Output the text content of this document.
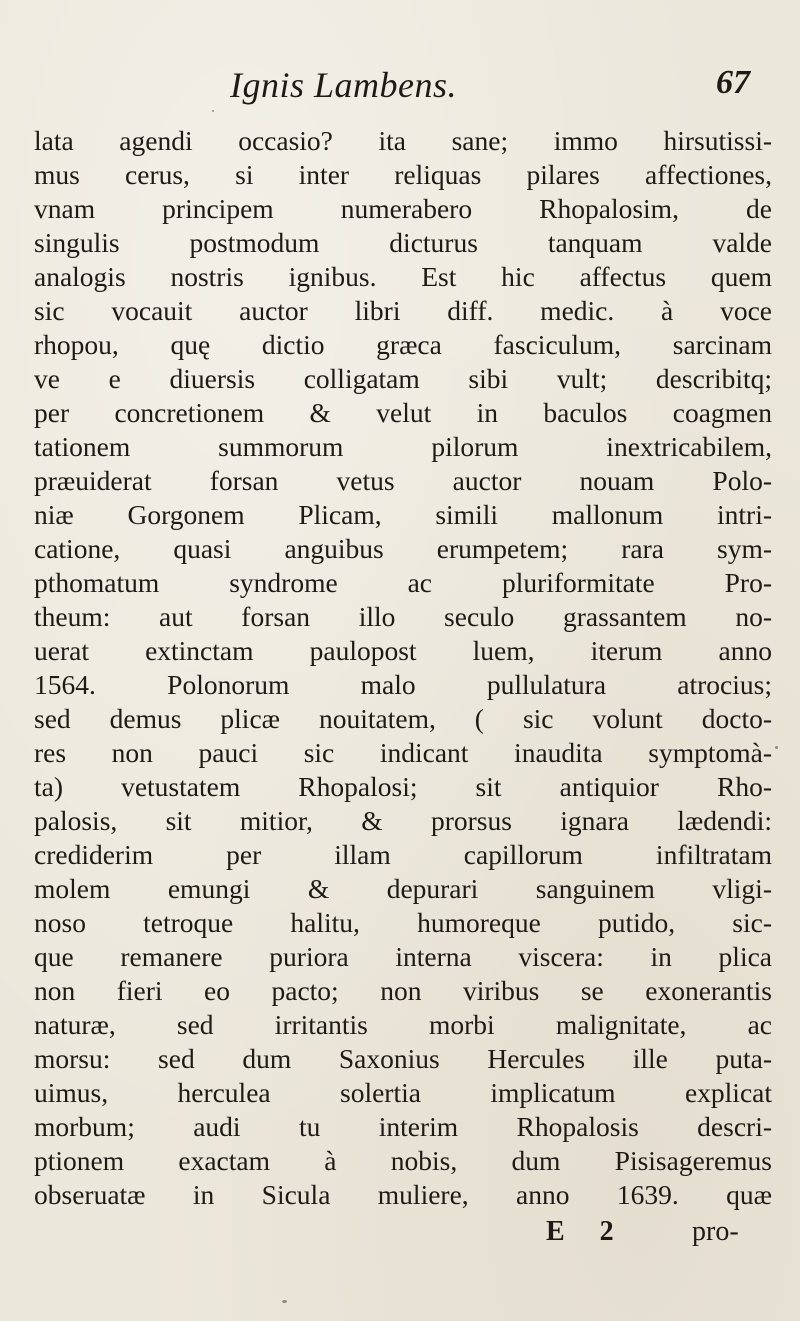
Ignis Lambens.	67
lata agendi occasio? ita sane; immo hirsutissi-
mus cerus, si inter reliquas pilares affectiones,
vnam principem numerabero Rhopalosim, de
singulis postmodum dicturus tanquam valde
analogis nostris ignibus. Est hic affectus quem
sic vocauit auctor libri diff. medic. à voce
rhopou, quę dictio græca fasciculum, sarcinam
ve e diuersis colligatam sibi vult; describitq;
per concretionem & velut in baculos coagmen
tationem summorum pilorum inextricabilem,
præuiderat forsan vetus auctor nouam Polo-
niæ Gorgonem Plicam, simili mallonum intri-
catione, quasi anguibus erumpetem; rara sym-
pthomatum syndrome ac pluriformitate Pro-
theum: aut forsan illo seculo grassantem no-
uerat extinctam paulopost luem, iterum anno
1564. Polonorum malo pullulatura atrocius;
sed demus plicæ nouitatem, ( sic volunt docto-
res non pauci sic indicant inaudita symptomà-
ta) vetustatem Rhopalosi; sit antiquior Rho-
palosis, sit mitior, & prorsus ignara lædendi:
crediderim per illam capillorum infiltratam
molem emungi & depurari sanguinem vligi-
noso tetroque halitu, humoreque putido, sic-
que remanere puriora interna viscera: in plica
non fieri eo pacto; non viribus se exonerantis
naturæ, sed irritantis morbi malignitate, ac
morsu: sed dum Saxonius Hercules ille puta-
uimus, herculea solertia implicatum explicat
morbum; audi tu interim Rhopalosis descri-
ptionem exactam à nobis, dum Pisisageremus
obseruatæ in Sicula muliere, anno 1639. quæ
E 2 pro-
